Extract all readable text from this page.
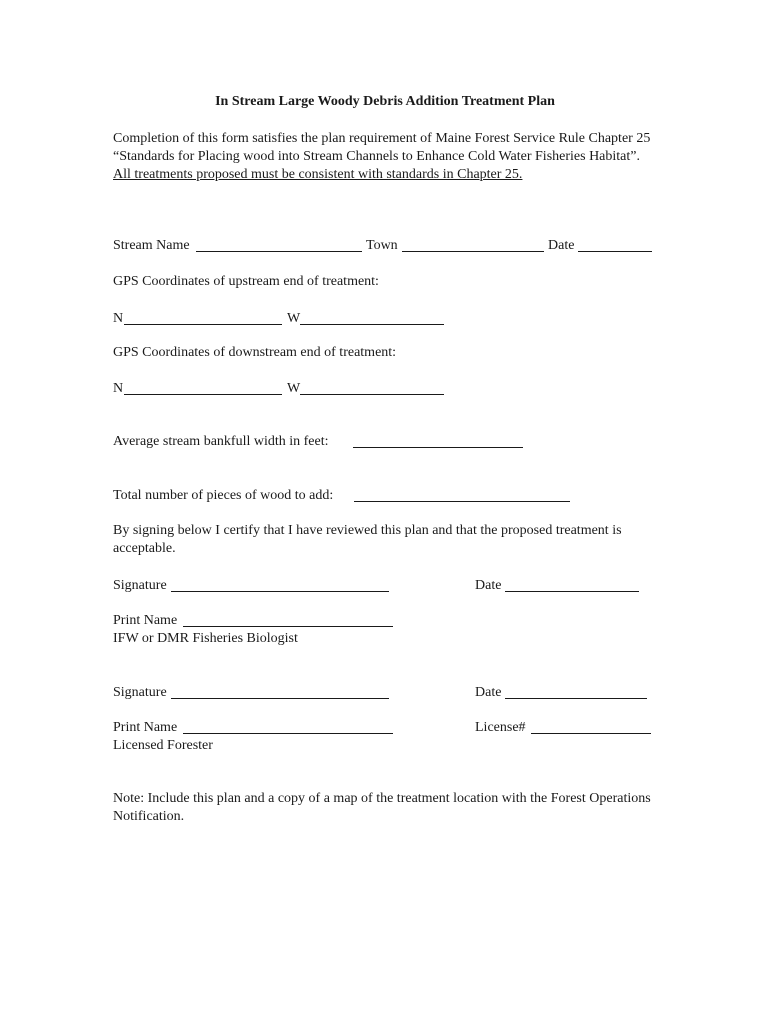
In Stream Large Woody Debris Addition Treatment Plan
Completion of this form satisfies the plan requirement of Maine Forest Service Rule Chapter 25 “Standards for Placing wood into Stream Channels to Enhance Cold Water Fisheries Habitat”. All treatments proposed must be consistent with standards in Chapter 25.
Stream Name	Town	Date
GPS Coordinates of upstream end of treatment:
N	W
GPS Coordinates of downstream end of treatment:
N	W
Average stream bankfull width in feet:
Total number of pieces of wood to add:
By signing below I certify that I have reviewed this plan and that the proposed treatment is acceptable.
Signature	Date
Print Name
IFW or DMR Fisheries Biologist
Signature	Date
Print Name	License#
Licensed Forester
Note: Include this plan and a copy of a map of the treatment location with the Forest Operations Notification.
